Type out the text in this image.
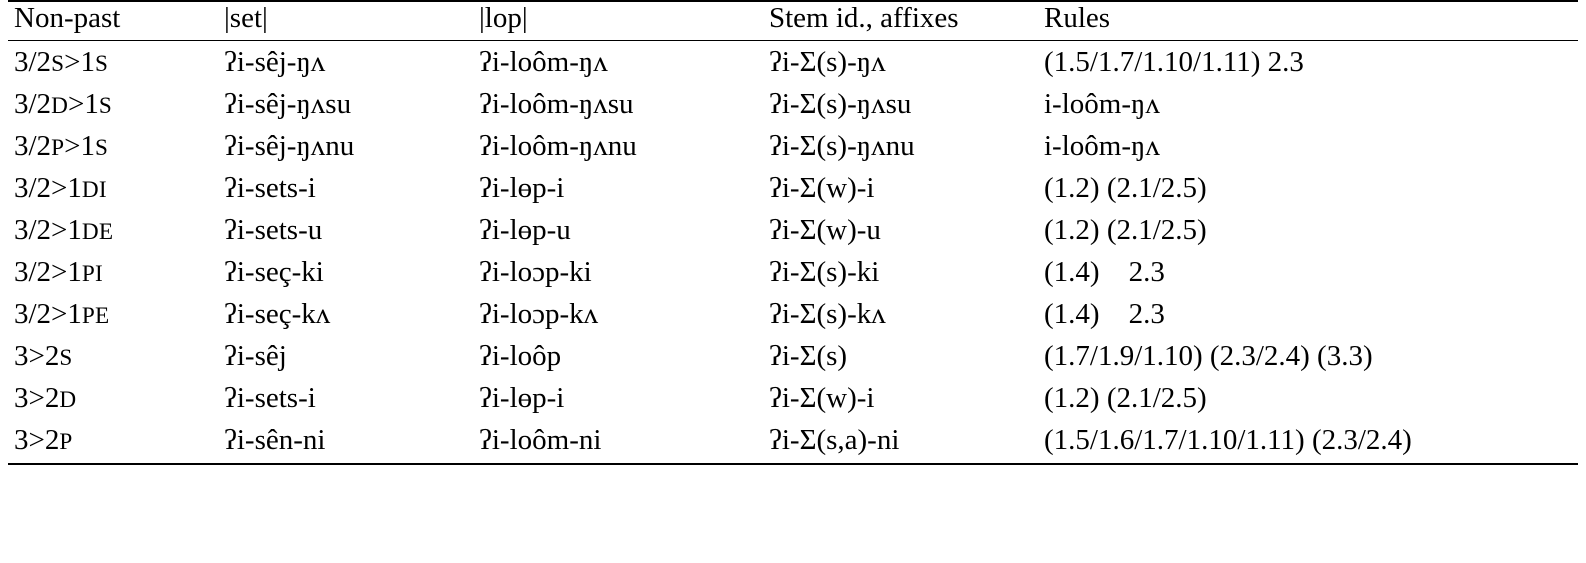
Non-past	|set|	|lop|	Stem id., affixes	Rules
3/2S>1S	ʔi-sêj-ŋʌ	ʔi-loôm-ŋʌ	ʔi-Σ(s)-ŋʌ	(1.5/1.7/1.10/1.11) 2.3
3/2D>1S	ʔi-sêj-ŋʌsu	ʔi-loôm-ŋʌsu	ʔi-Σ(s)-ŋʌsu	i-loôm-ŋʌ
3/2P>1S	ʔi-sêj-ŋʌnu	ʔi-loôm-ŋʌnu	ʔi-Σ(s)-ŋʌnu	i-loôm-ŋʌ
3/2>1DI	ʔi-sets-i	ʔi-lɵp-i	ʔi-Σ(w)-i	(1.2) (2.1/2.5)
3/2>1DE	ʔi-sets-u	ʔi-lɵp-u	ʔi-Σ(w)-u	(1.2) (2.1/2.5)
3/2>1PI	ʔi-seç-ki	ʔi-loɔp-ki	ʔi-Σ(s)-ki	(1.4)    2.3
3/2>1PE	ʔi-seç-kʌ	ʔi-loɔp-kʌ	ʔi-Σ(s)-kʌ	(1.4)    2.3
3>2S	ʔi-sêj	ʔi-loôp	ʔi-Σ(s)	(1.7/1.9/1.10) (2.3/2.4) (3.3)
3>2D	ʔi-sets-i	ʔi-lɵp-i	ʔi-Σ(w)-i	(1.2) (2.1/2.5)
3>2P	ʔi-sên-ni	ʔi-loôm-ni	ʔi-Σ(s,a)-ni	(1.5/1.6/1.7/1.10/1.11) (2.3/2.4)
